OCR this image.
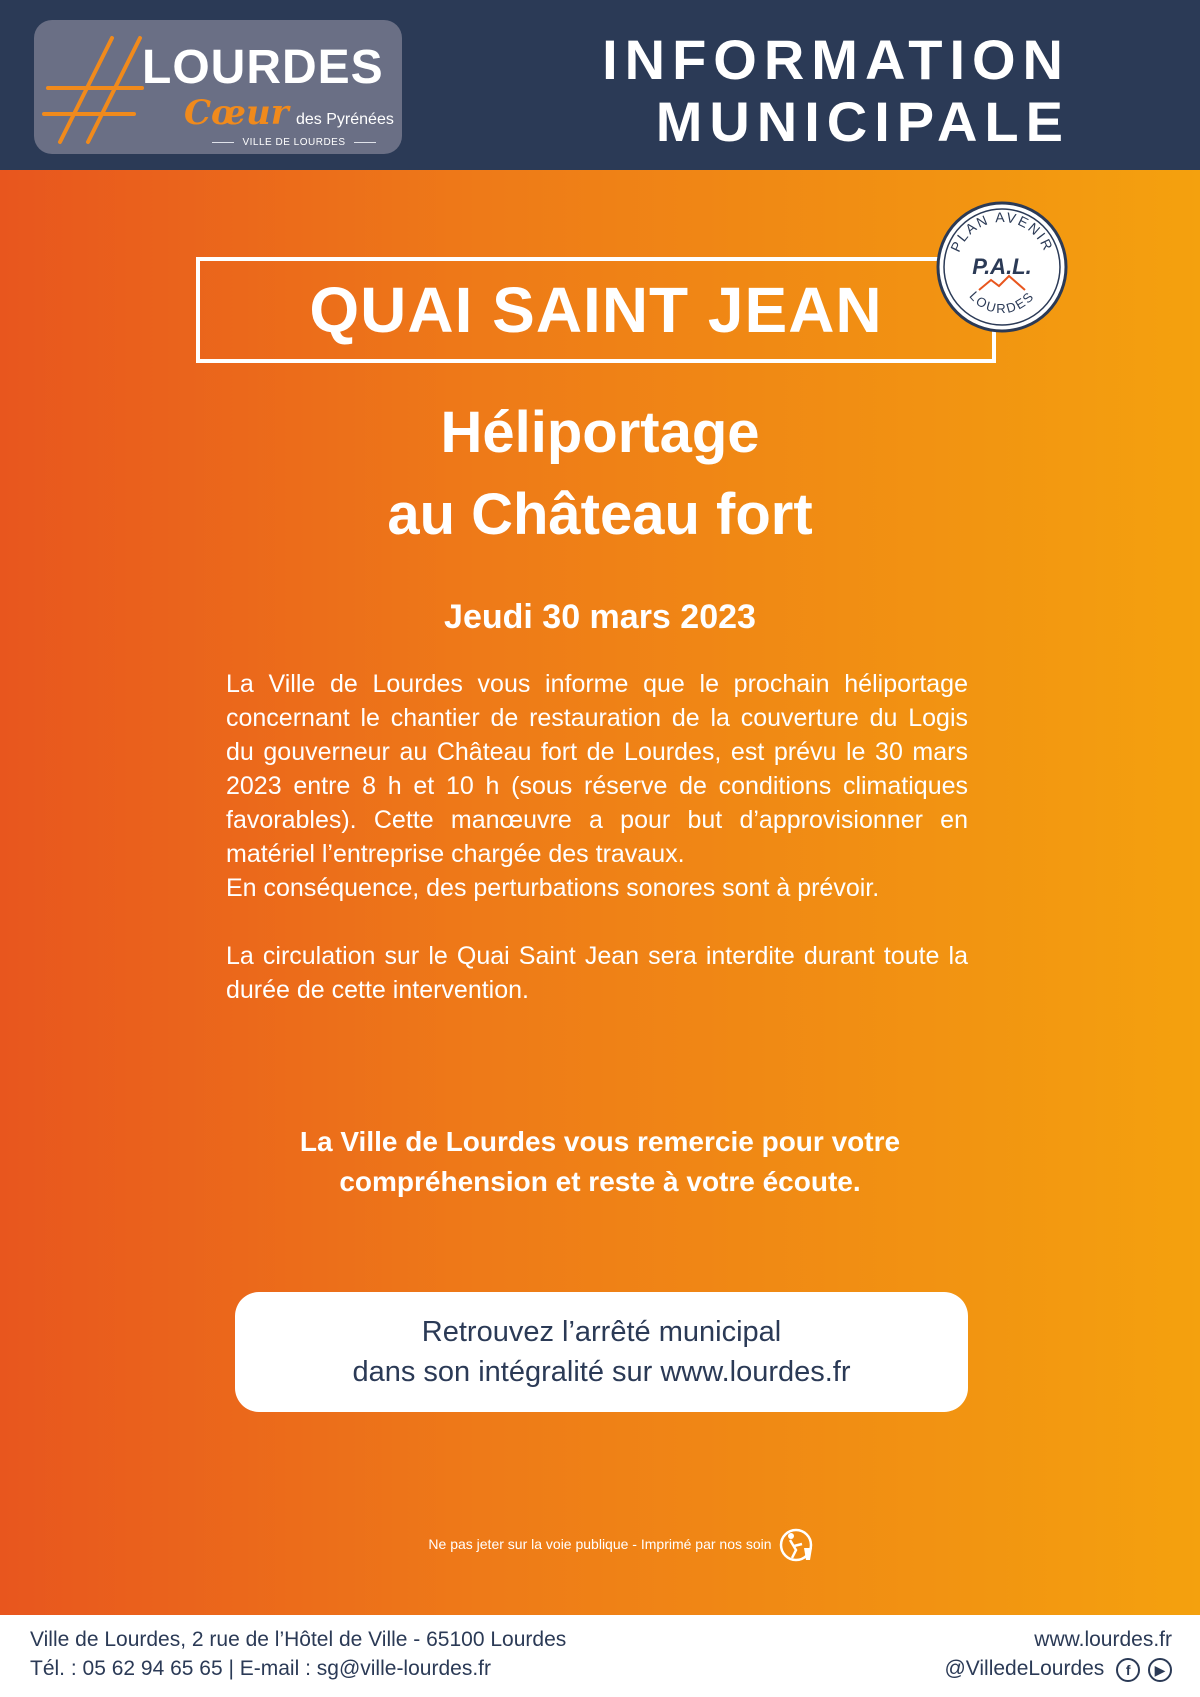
LOURDES
Cœur des Pyrénées
VILLE DE LOURDES
INFORMATION
MUNICIPALE
QUAI SAINT JEAN
PLAN AVENIR
LOURDES
P.A.L.
Héliportage
au Château fort
Jeudi 30 mars 2023

La Ville de Lourdes vous informe que le prochain héliportage concernant le chantier de restauration de la couverture du Logis du gouverneur au Château fort de Lourdes, est prévu le 30 mars 2023 entre 8 h et 10 h (sous réserve de conditions climatiques favorables). Cette manœuvre a pour but d’approvisionner en matériel l’entreprise chargée des travaux.

En conséquence, des perturbations sonores sont à prévoir.

La circulation sur le Quai Saint Jean sera interdite durant toute la durée de cette intervention.

La Ville de Lourdes vous remercie pour votre
compréhension et reste à votre écoute.
Retrouvez l’arrêté municipal
dans son intégralité sur www.lourdes.fr
Ne pas jeter sur la voie publique - Imprimé par nos soin
Ville de Lourdes, 2 rue de l’Hôtel de Ville - 65100 Lourdes
Tél. : 05 62 94 65 65 | E-mail : sg@ville-lourdes.fr
www.lourdes.fr
@VilledeLourdes f ▶
